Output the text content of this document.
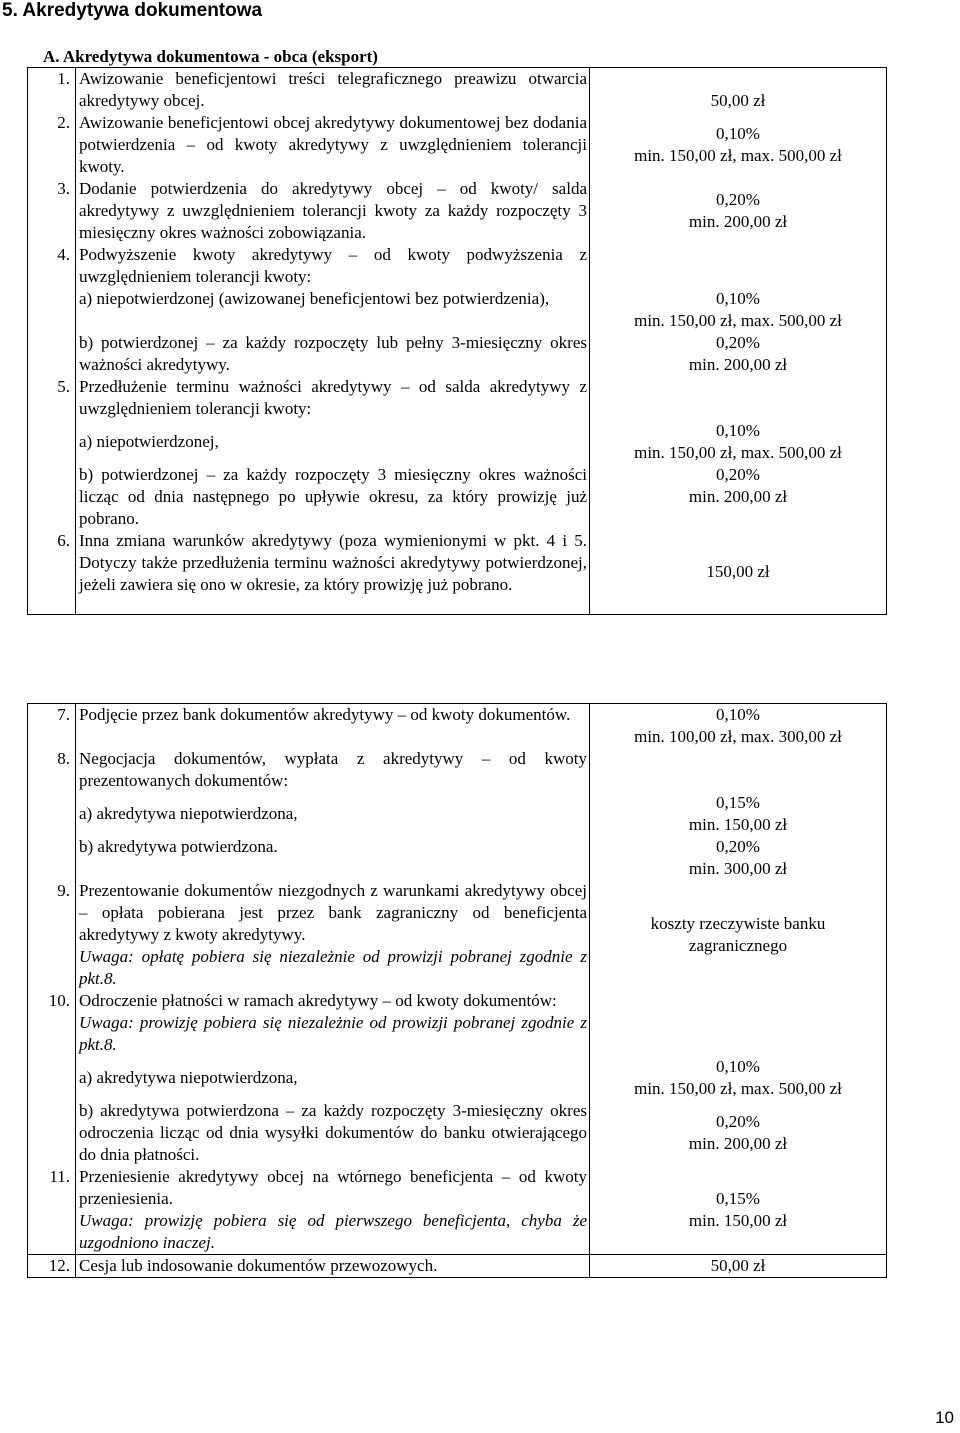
5. Akredytywa dokumentowa
A. Akredytywa dokumentowa - obca (eksport)
1.	Awizowanie beneficjentowi treści telegraficznego preawizu otwarcia akredytywy obcej.	50,00 zł

2.	Awizowanie beneficjentowi obcej akredytywy dokumentowej bez dodania potwierdzenia – od kwoty akredytywy z uwzględnieniem tolerancji kwoty.	0,10%
min. 150,00 zł, max. 500,00 zł

3.	Dodanie potwierdzenia do akredytywy obcej – od kwoty/ salda akredytywy z uwzględnieniem tolerancji kwoty za każdy rozpoczęty 3 miesięczny okres ważności zobowiązania.	0,20%
min. 200,00 zł

4.	Podwyższenie kwoty akredytywy – od kwoty podwyższenia z uwzględnieniem tolerancji kwoty:	
	a) niepotwierdzonej (awizowanej beneficjentowi bez potwierdzenia),	0,10%
min. 150,00 zł, max. 500,00 zł

	b) potwierdzonej – za każdy rozpoczęty lub pełny 3-miesięczny okres ważności akredytywy.	0,20%
min. 200,00 zł

5.	Przedłużenie terminu ważności akredytywy – od salda akredytywy z uwzględnieniem tolerancji kwoty:	
	a) niepotwierdzonej,	0,10%
min. 150,00 zł, max. 500,00 zł

	b) potwierdzonej – za każdy rozpoczęty 3 miesięczny okres ważności licząc od dnia następnego po upływie okresu, za który prowizję już pobrano.	0,20%
min. 200,00 zł

6.	Inna zmiana warunków akredytywy (poza wymienionymi w pkt. 4 i 5. Dotyczy także przedłużenia terminu ważności akredytywy potwierdzonej, jeżeli zawiera się ono w okresie, za który prowizję już pobrano.	150,00 zł
7.	Podjęcie przez bank dokumentów akredytywy – od kwoty dokumentów.	0,10%
min. 100,00 zł, max. 300,00 zł

8.	Negocjacja dokumentów, wypłata z akredytywy – od kwoty prezentowanych dokumentów:	
	a) akredytywa niepotwierdzona,	0,15%
min. 150,00 zł

	b) akredytywa potwierdzona.	0,20%
min. 300,00 zł

9.	Prezentowanie dokumentów niezgodnych z warunkami akredytywy obcej – opłata pobierana jest przez bank zagraniczny od beneficjenta akredytywy z kwoty akredytywy.
Uwaga: opłatę pobiera się niezależnie od prowizji pobranej zgodnie z pkt.8.	koszty rzeczywiste banku
zagranicznego

10.	Odroczenie płatności w ramach akredytywy – od kwoty dokumentów:
Uwaga: prowizję pobiera się niezależnie od prowizji pobranej zgodnie z pkt.8.	

	a) akredytywa niepotwierdzona,	0,10%
min. 150,00 zł, max. 500,00 zł

	b) akredytywa potwierdzona – za każdy rozpoczęty 3-miesięczny okres odroczenia licząc od dnia wysyłki dokumentów do banku otwierającego do dnia płatności.	0,20%
min. 200,00 zł

11.	Przeniesienie akredytywy obcej na wtórnego beneficjenta – od kwoty przeniesienia.
Uwaga: prowizję pobiera się od pierwszego beneficjenta, chyba że uzgodniono inaczej.	0,15%
min. 150,00 zł

12.	Cesja lub indosowanie dokumentów przewozowych.	50,00 zł
10
